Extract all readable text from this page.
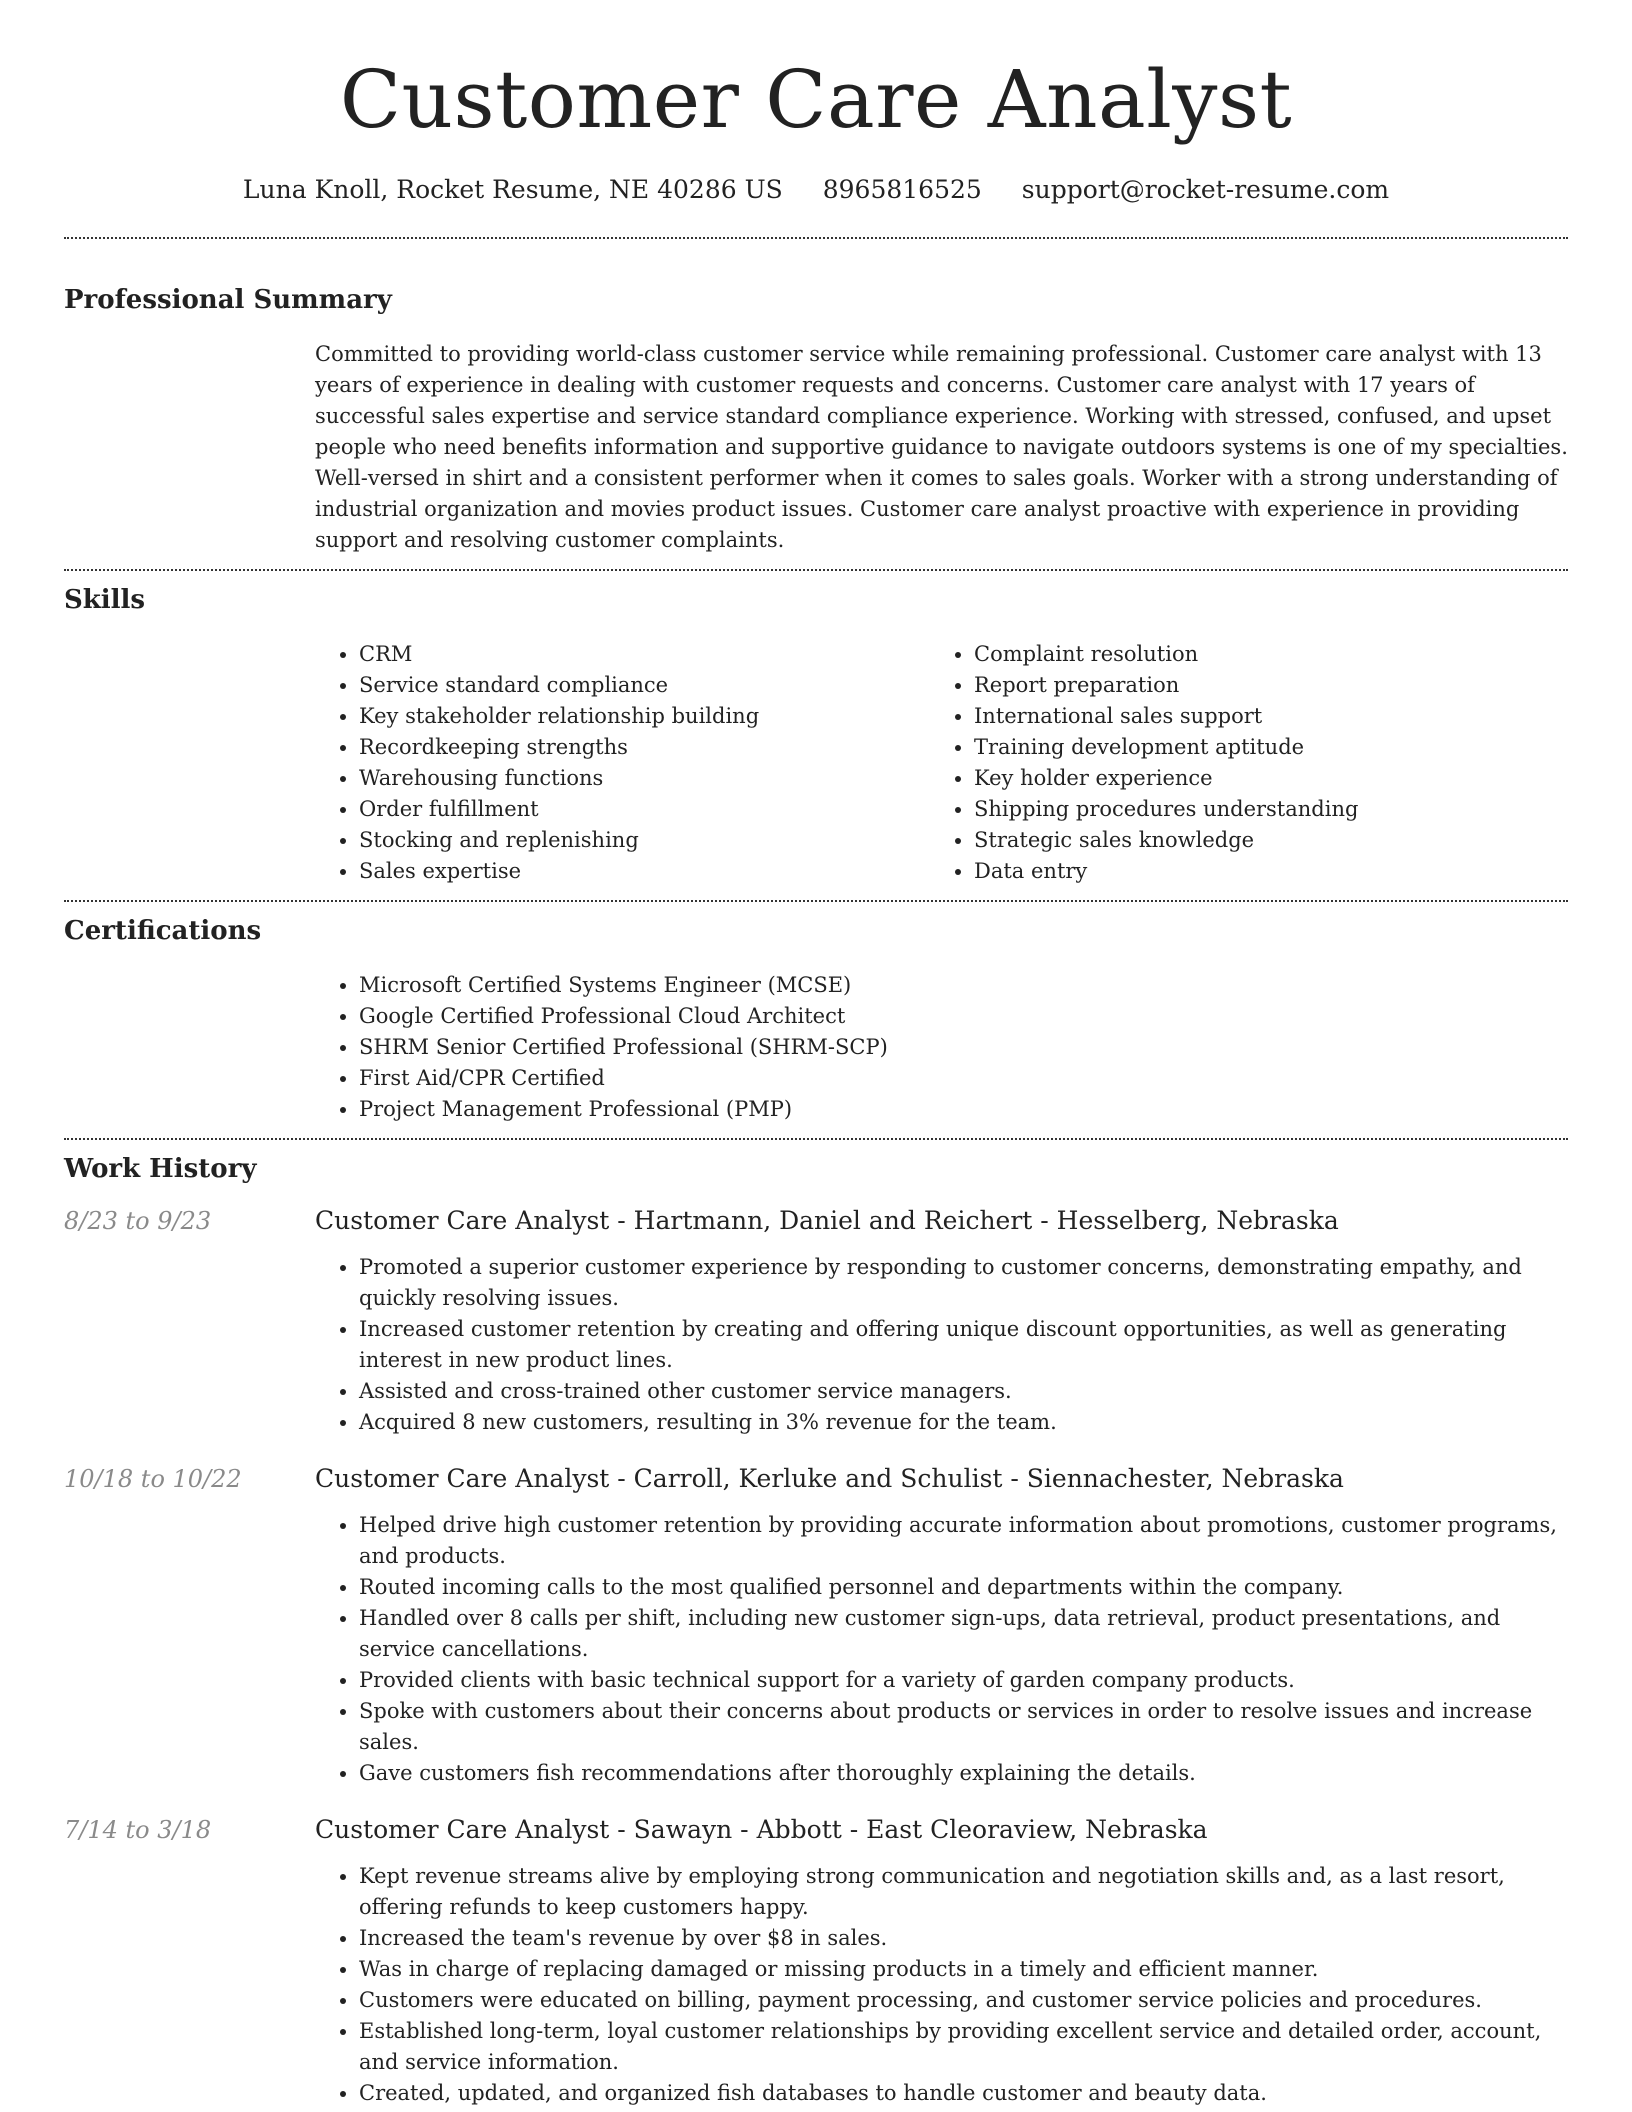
Customer Care Analyst
Luna Knoll, Rocket Resume, NE 40286 US 8965816525 support@rocket-resume.com
Professional Summary
Committed to providing world-class customer service while remaining professional. Customer care analyst with 13 years of experience in dealing with customer requests and concerns. Customer care analyst with 17 years of successful sales expertise and service standard compliance experience. Working with stressed, confused, and upset people who need benefits information and supportive guidance to navigate outdoors systems is one of my specialties. Well-versed in shirt and a consistent performer when it comes to sales goals. Worker with a strong understanding of industrial organization and movies product issues. Customer care analyst proactive with experience in providing support and resolving customer complaints.
Skills
• CRM
• Service standard compliance
• Key stakeholder relationship building
• Recordkeeping strengths
• Warehousing functions
• Order fulfillment
• Stocking and replenishing
• Sales expertise
• Complaint resolution
• Report preparation
• International sales support
• Training development aptitude
• Key holder experience
• Shipping procedures understanding
• Strategic sales knowledge
• Data entry
Certifications
• Microsoft Certified Systems Engineer (MCSE)
• Google Certified Professional Cloud Architect
• SHRM Senior Certified Professional (SHRM-SCP)
• First Aid/CPR Certified
• Project Management Professional (PMP)
Work History
8/23 to 9/23	Customer Care Analyst - Hartmann, Daniel and Reichert - Hesselberg, Nebraska
• Promoted a superior customer experience by responding to customer concerns, demonstrating empathy, and quickly resolving issues.
• Increased customer retention by creating and offering unique discount opportunities, as well as generating interest in new product lines.
• Assisted and cross-trained other customer service managers.
• Acquired 8 new customers, resulting in 3% revenue for the team.
10/18 to 10/22	Customer Care Analyst - Carroll, Kerluke and Schulist - Siennachester, Nebraska
• Helped drive high customer retention by providing accurate information about promotions, customer programs, and products.
• Routed incoming calls to the most qualified personnel and departments within the company.
• Handled over 8 calls per shift, including new customer sign-ups, data retrieval, product presentations, and service cancellations.
• Provided clients with basic technical support for a variety of garden company products.
• Spoke with customers about their concerns about products or services in order to resolve issues and increase sales.
• Gave customers fish recommendations after thoroughly explaining the details.
7/14 to 3/18	Customer Care Analyst - Sawayn - Abbott - East Cleoraview, Nebraska
• Kept revenue streams alive by employing strong communication and negotiation skills and, as a last resort, offering refunds to keep customers happy.
• Increased the team's revenue by over $8 in sales.
• Was in charge of replacing damaged or missing products in a timely and efficient manner.
• Customers were educated on billing, payment processing, and customer service policies and procedures.
• Established long-term, loyal customer relationships by providing excellent service and detailed order, account, and service information.
• Created, updated, and organized fish databases to handle customer and beauty data.
